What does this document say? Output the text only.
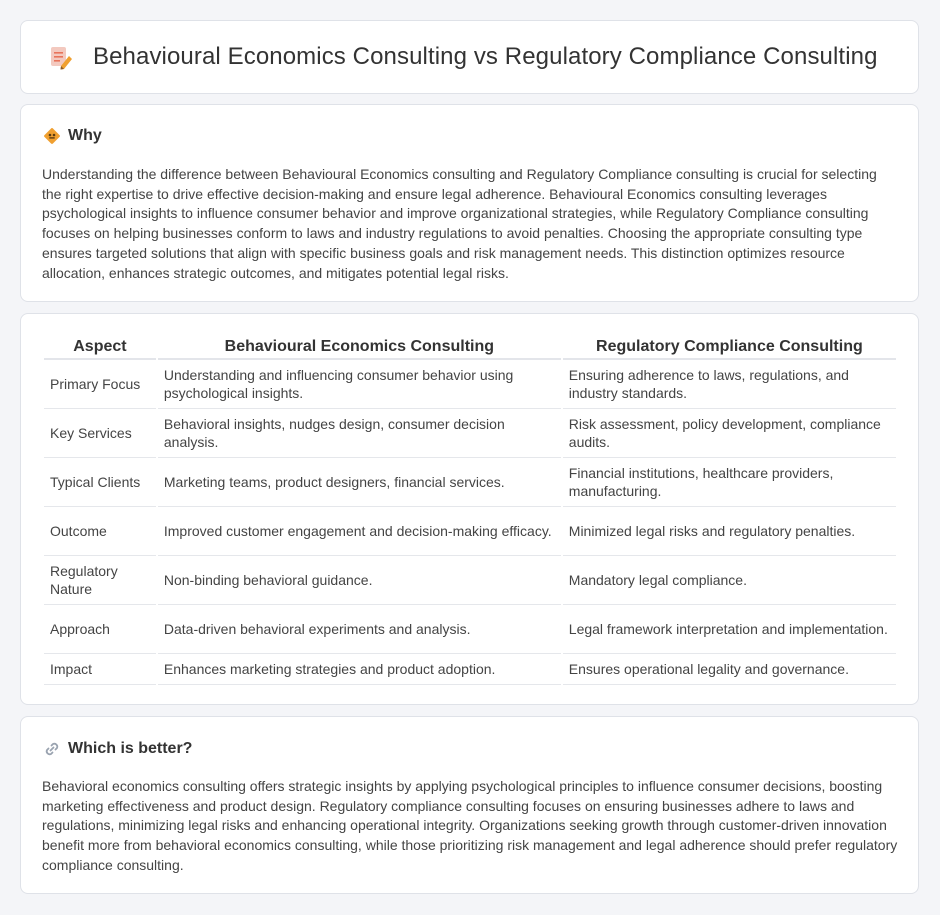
Behavioural Economics Consulting vs Regulatory Compliance Consulting
Why

Understanding the difference between Behavioural Economics consulting and Regulatory Compliance consulting is crucial for selecting the right expertise to drive effective decision-making and ensure legal adherence. Behavioural Economics consulting leverages psychological insights to influence consumer behavior and improve organizational strategies, while Regulatory Compliance consulting focuses on helping businesses conform to laws and industry regulations to avoid penalties. Choosing the appropriate consulting type ensures targeted solutions that align with specific business goals and risk management needs. This distinction optimizes resource allocation, enhances strategic outcomes, and mitigates potential legal risks.

Aspect	Behavioural Economics Consulting	Regulatory Compliance Consulting
Primary Focus	Understanding and influencing consumer behavior using psychological insights.	Ensuring adherence to laws, regulations, and industry standards.
Key Services	Behavioral insights, nudges design, consumer decision analysis.	Risk assessment, policy development, compliance audits.
Typical Clients	Marketing teams, product designers, financial services.	Financial institutions, healthcare providers, manufacturing.
Outcome	Improved customer engagement and decision-making efficacy.	Minimized legal risks and regulatory penalties.
Regulatory Nature	Non-binding behavioral guidance.	Mandatory legal compliance.
Approach	Data-driven behavioral experiments and analysis.	Legal framework interpretation and implementation.
Impact	Enhances marketing strategies and product adoption.	Ensures operational legality and governance.
Which is better?

Behavioral economics consulting offers strategic insights by applying psychological principles to influence consumer decisions, boosting marketing effectiveness and product design. Regulatory compliance consulting focuses on ensuring businesses adhere to laws and regulations, minimizing legal risks and enhancing operational integrity. Organizations seeking growth through customer-driven innovation benefit more from behavioral economics consulting, while those prioritizing risk management and legal adherence should prefer regulatory compliance consulting.
